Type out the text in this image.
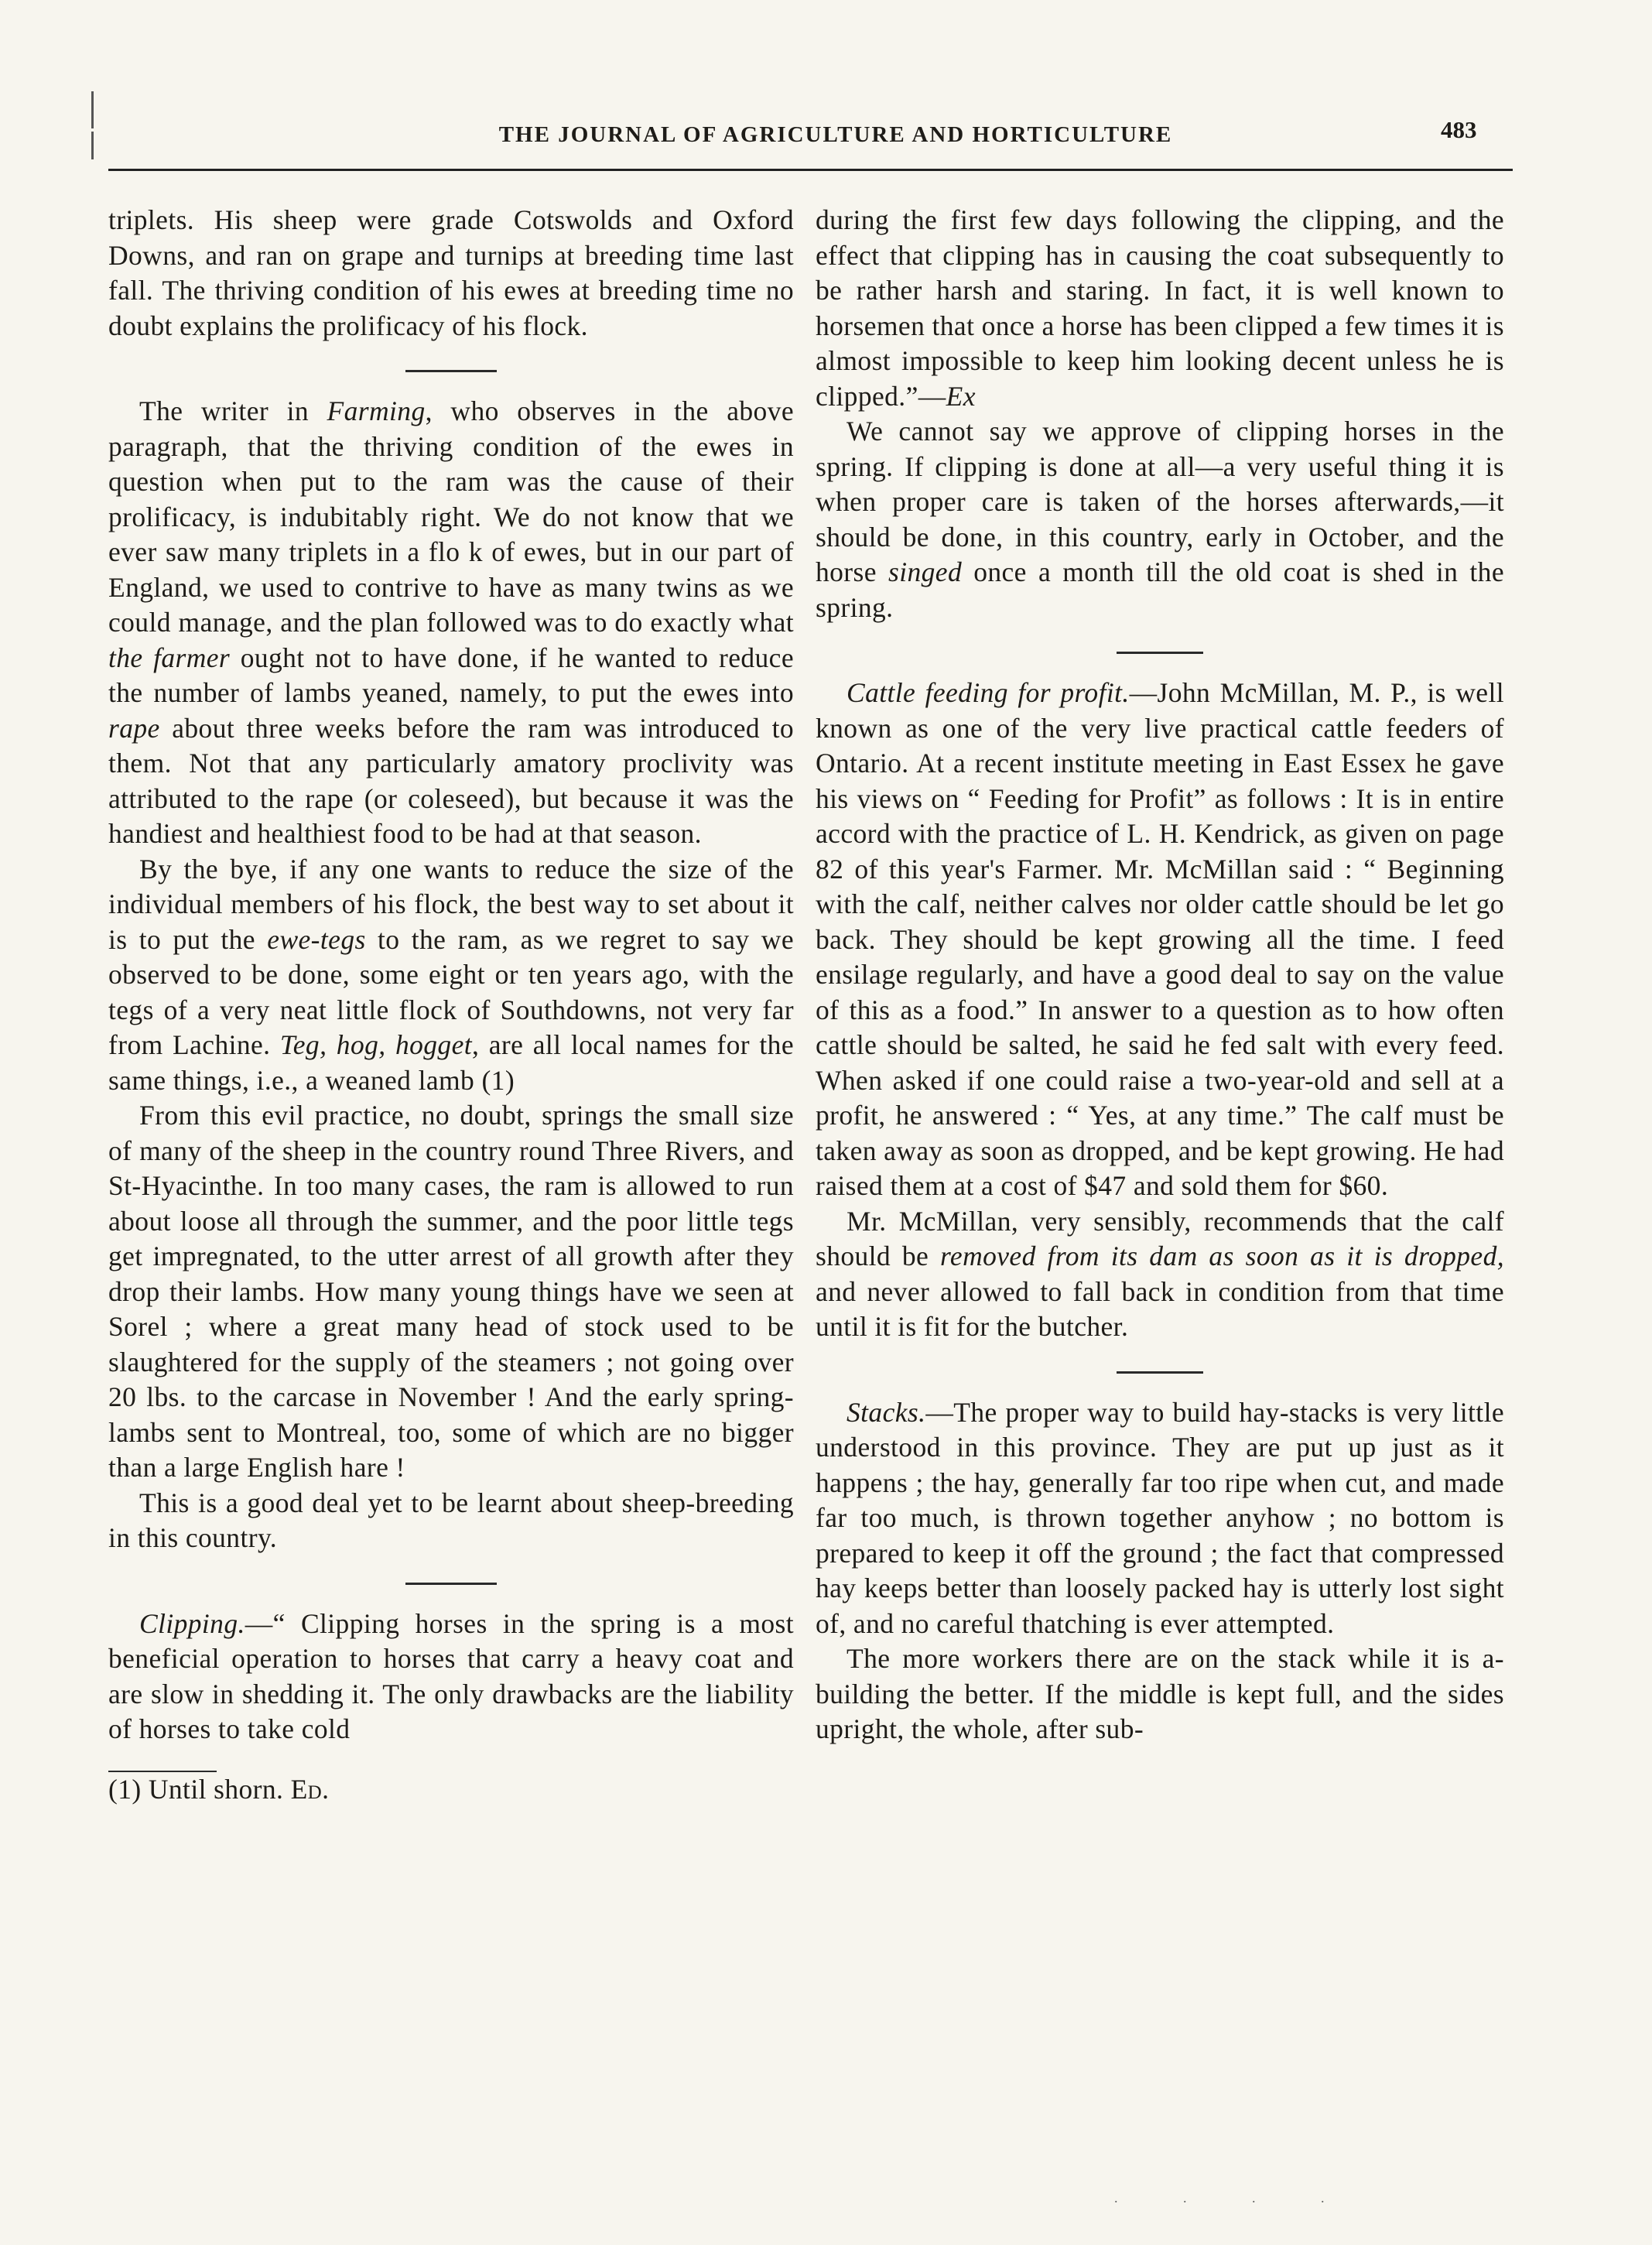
THE JOURNAL OF AGRICULTURE AND HORTICULTURE	483

triplets. His sheep were grade Cotswolds and Oxford Downs, and ran on grape and turnips at breeding time last fall. The thriving condition of his ewes at breeding time no doubt explains the prolificacy of his flock.

The writer in Farming, who observes in the above paragraph, that the thriving condition of the ewes in question when put to the ram was the cause of their prolificacy, is indubitably right. We do not know that we ever saw many triplets in a flo k of ewes, but in our part of England, we used to contrive to have as many twins as we could manage, and the plan followed was to do exactly what the farmer ought not to have done, if he wanted to reduce the number of lambs yeaned, namely, to put the ewes into rape about three weeks before the ram was introduced to them. Not that any particularly amatory proclivity was attributed to the rape (or coleseed), but because it was the handiest and healthiest food to be had at that season.

By the bye, if any one wants to reduce the size of the individual members of his flock, the best way to set about it is to put the ewe-tegs to the ram, as we regret to say we observed to be done, some eight or ten years ago, with the tegs of a very neat little flock of Southdowns, not very far from Lachine. Teg, hog, hogget, are all local names for the same things, i.e., a weaned lamb (1)

From this evil practice, no doubt, springs the small size of many of the sheep in the country round Three Rivers, and St-Hyacinthe. In too many cases, the ram is allowed to run about loose all through the summer, and the poor little tegs get impregnated, to the utter arrest of all growth after they drop their lambs. How many young things have we seen at Sorel ; where a great many head of stock used to be slaughtered for the supply of the steamers ; not going over 20 lbs. to the carcase in November ! And the early spring-lambs sent to Montreal, too, some of which are no bigger than a large English hare !

This is a good deal yet to be learnt about sheep-breeding in this country.

Clipping.—“ Clipping horses in the spring is a most beneficial operation to horses that carry a heavy coat and are slow in shedding it. The only drawbacks are the liability of horses to take cold

(1) Until shorn. Ed.

during the first few days following the clipping, and the effect that clipping has in causing the coat subsequently to be rather harsh and staring. In fact, it is well known to horsemen that once a horse has been clipped a few times it is almost impossible to keep him looking decent unless he is clipped.”—Ex

We cannot say we approve of clipping horses in the spring. If clipping is done at all—a very useful thing it is when proper care is taken of the horses afterwards,—it should be done, in this country, early in October, and the horse singed once a month till the old coat is shed in the spring.

Cattle feeding for profit.—John McMillan, M. P., is well known as one of the very live practical cattle feeders of Ontario. At a recent institute meeting in East Essex he gave his views on “ Feeding for Profit” as follows : It is in entire accord with the practice of L. H. Kendrick, as given on page 82 of this year's Farmer. Mr. McMillan said : “ Beginning with the calf, neither calves nor older cattle should be let go back. They should be kept growing all the time. I feed ensilage regularly, and have a good deal to say on the value of this as a food.” In answer to a question as to how often cattle should be salted, he said he fed salt with every feed. When asked if one could raise a two-year-old and sell at a profit, he answered : “ Yes, at any time.” The calf must be taken away as soon as dropped, and be kept growing. He had raised them at a cost of $47 and sold them for $60.

Mr. McMillan, very sensibly, recommends that the calf should be removed from its dam as soon as it is dropped, and never allowed to fall back in condition from that time until it is fit for the butcher.

Stacks.—The proper way to build hay-stacks is very little understood in this province. They are put up just as it happens ; the hay, generally far too ripe when cut, and made far too much, is thrown together anyhow ; no bottom is prepared to keep it off the ground ; the fact that compressed hay keeps better than loosely packed hay is utterly lost sight of, and no careful thatching is ever attempted.

The more workers there are on the stack while it is a-building the better. If the middle is kept full, and the sides upright, the whole, after sub-

. . . .
